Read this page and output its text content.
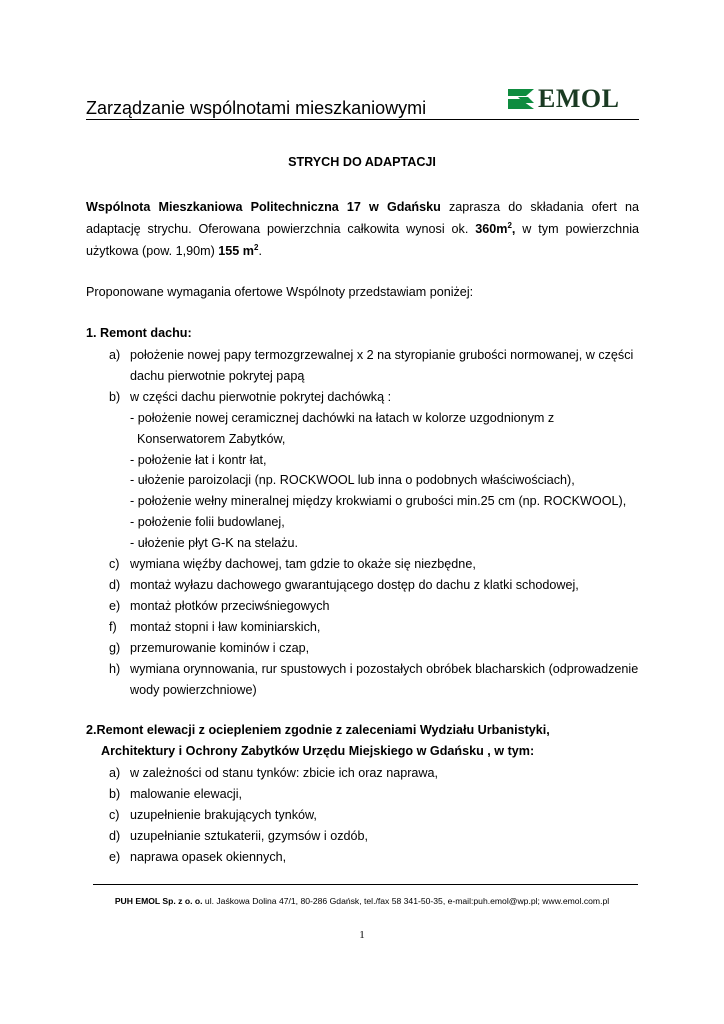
Zarządzanie wspólnotami mieszkaniowymi	EMOL
STRYCH DO ADAPTACJI
Wspólnota Mieszkaniowa Politechniczna 17 w Gdańsku zaprasza do składania ofert na adaptację strychu. Oferowana powierzchnia całkowita wynosi ok. $360m^2$, w tym powierzchnia użytkowa (pow. 1,90m) 155 $m^2$.
Proponowane wymagania ofertowe Wspólnoty przedstawiam poniżej:
1. Remont dachu:
a) położenie nowej papy termozgrzewalnej x 2 na styropianie grubości normowanej, w części
dachu pierwotnie pokrytej papą
b) w części dachu pierwotnie pokrytej dachówką :
- położenie nowej ceramicznej dachówki na łatach w kolorze uzgodnionym z
Konserwatorem Zabytków,
- położenie łat i kontr łat,
- ułożenie paroizolacji (np. ROCKWOOL lub inna o podobnych właściwościach),
- położenie wełny mineralnej między krokwiami o grubości min.25 cm (np. ROCKWOOL),
- położenie folii budowlanej,
- ułożenie płyt G-K na stelażu.
c) wymiana więźby dachowej, tam gdzie to okaże się niezbędne,
d) montaż wyłazu dachowego gwarantującego dostęp do dachu z klatki schodowej,
e) montaż płotków przeciwśniegowych
f) montaż stopni i ław kominiarskich,
g) przemurowanie kominów i czap,
h) wymiana orynnowania, rur spustowych i pozostałych obróbek blacharskich (odprowadzenie
wody powierzchniowe)
2.Remont elewacji z ociepleniem zgodnie z zaleceniami Wydziału Urbanistyki,
Architektury i Ochrony Zabytków Urzędu Miejskiego w Gdańsku , w tym:
a) w zależności od stanu tynków: zbicie ich oraz naprawa,
b) malowanie elewacji,
c) uzupełnienie brakujących tynków,
d) uzupełnianie sztukaterii, gzymsów i ozdób,
e) naprawa opasek okiennych,
PUH EMOL Sp. z o. o. ul. Jaśkowa Dolina 47/1, 80-286 Gdańsk, tel./fax 58 341-50-35, e-mail:puh.emol@wp.pl; www.emol.com.pl
1
